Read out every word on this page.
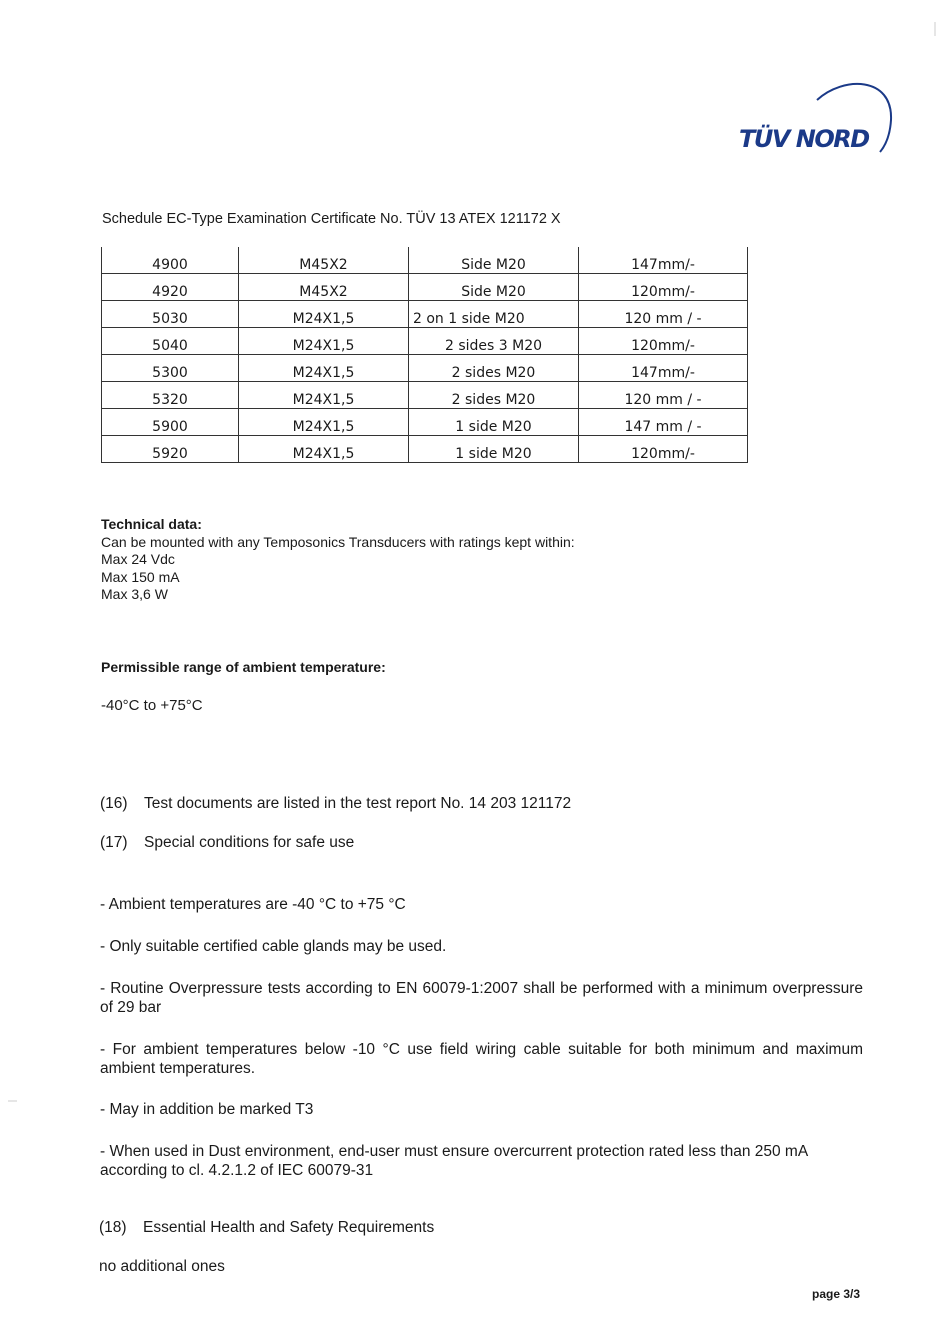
TÜV NORD
Schedule EC-Type Examination Certificate No. TÜV 13 ATEX 121172 X
4900	M45X2	Side M20	147mm/-
4920	M45X2	Side M20	120mm/-
5030	M24X1,5	2 on 1 side M20	120 mm / -
5040	M24X1,5	2 sides 3 M20	120mm/-
5300	M24X1,5	2 sides M20	147mm/-
5320	M24X1,5	2 sides M20	120 mm / -
5900	M24X1,5	1 side M20	147 mm / -
5920	M24X1,5	1 side M20	120mm/-
Technical data:
Can be mounted with any Temposonics Transducers with ratings kept within:
Max 24 Vdc
Max 150 mA
Max 3,6 W
Permissible range of ambient temperature:
-40°C to +75°C
(16) Test documents are listed in the test report No. 14 203 121172
(17) Special conditions for safe use
- Ambient temperatures are -40 °C to +75 °C
- Only suitable certified cable glands may be used.
- Routine Overpressure tests according to EN 60079-1:2007 shall be performed with a minimum overpressure of 29 bar
- For ambient temperatures below -10 °C use field wiring cable suitable for both minimum and maximum ambient temperatures.
- May in addition be marked T3
- When used in Dust environment, end-user must ensure overcurrent protection rated less than 250 mA according to cl. 4.2.1.2 of IEC 60079-31
(18) Essential Health and Safety Requirements
no additional ones
page 3/3
